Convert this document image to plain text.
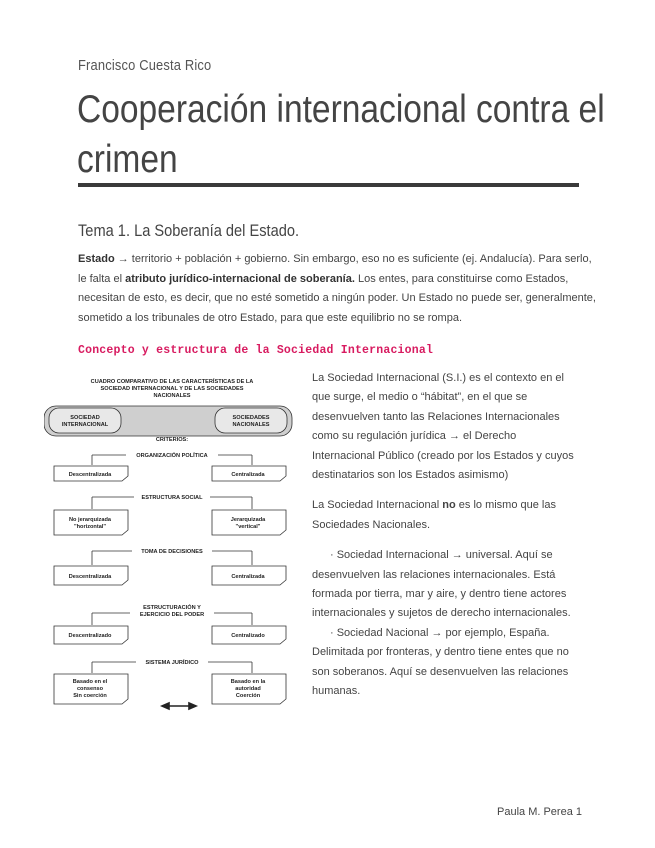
Francisco Cuesta Rico
Cooperación internacional contra el
crimen
Tema 1. La Soberanía del Estado.
Estado → territorio + población + gobierno. Sin embargo, eso no es suficiente (ej. Andalucía). Para serlo, le falta el atributo jurídico-internacional de soberanía. Los entes, para constituirse como Estados, necesitan de esto, es decir, que no esté sometido a ningún poder. Un Estado no puede ser, generalmente, sometido a los tribunales de otro Estado, para que este equilibrio no se rompa.
Concepto y estructura de la Sociedad Internacional
CUADRO COMPARATIVO DE LAS CARACTERÍSTICAS DE LA
SOCIEDAD INTERNACIONAL Y DE LAS SOCIEDADES
NACIONALES
SOCIEDAD
INTERNACIONAL
SOCIEDADES
NACIONALES
CRITERIOS:
ORGANIZACIÓN POLÍTICA
ESTRUCTURA SOCIAL
TOMA DE DECISIONES
ESTRUCTURACIÓN Y
EJERCICIO DEL PODER
SISTEMA JURÍDICO
Descentralizada	Centralizada
No jerarquizada
"horizontal"
Jerarquizada
"vertical"
Descentralizada	Centralizada
Descentralizado	Centralizado
Basado en el
consenso
Sin coerción
Basado en la
autoridad
Coerción

La Sociedad Internacional (S.I.) es el contexto en el que surge, el medio o “hábitat”, en el que se desenvuelven tanto las Relaciones Internacionales como su regulación jurídica → el Derecho Internacional Público (creado por los Estados y cuyos destinatarios son los Estados asimismo)

La Sociedad Internacional no es lo mismo que las Sociedades Nacionales.

· Sociedad Internacional → universal. Aquí se desenvuelven las relaciones internacionales. Está formada por tierra, mar y aire, y dentro tiene actores internacionales y sujetos de derecho internacionales.

· Sociedad Nacional → por ejemplo, España. Delimitada por fronteras, y dentro tiene entes que no son soberanos. Aquí se desenvuelven las relaciones humanas.

Paula M. Perea 1
